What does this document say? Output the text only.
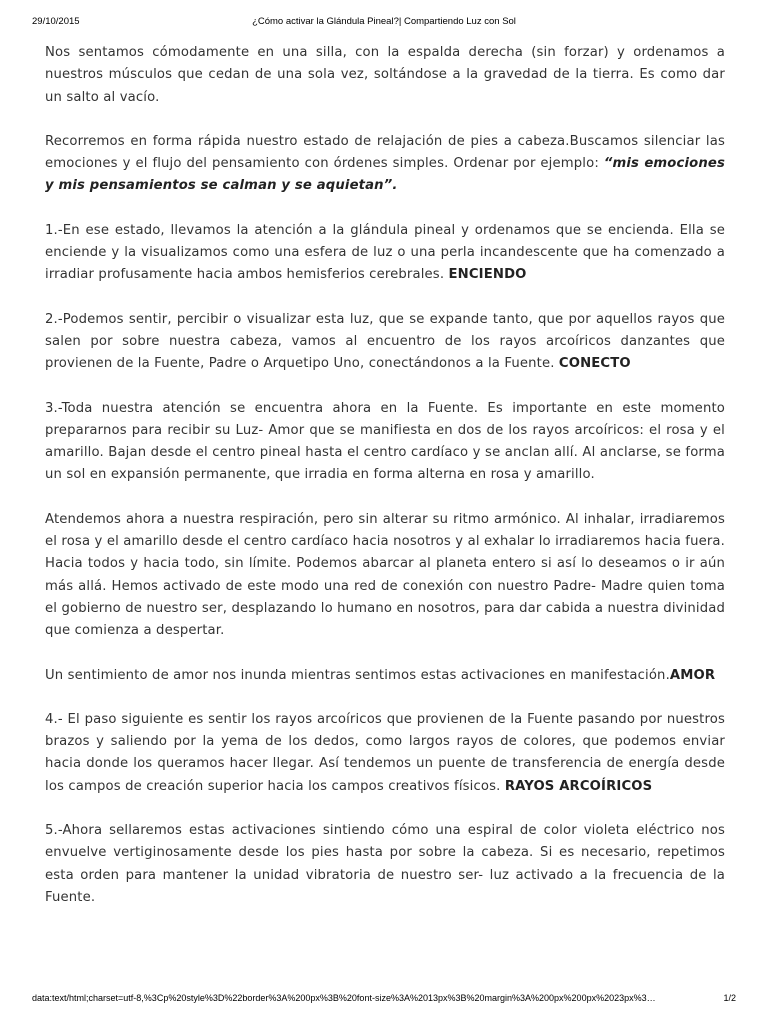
29/10/2015	¿Cómo activar la Glándula Pineal?| Compartiendo Luz con Sol

Nos sentamos cómodamente en una silla, con la espalda derecha (sin forzar) y ordenamos a nuestros músculos que cedan de una sola vez, soltándose a la gravedad de la tierra. Es como dar un salto al vacío.

Recorremos en forma rápida nuestro estado de relajación de pies a cabeza.Buscamos silenciar las emociones y el flujo del pensamiento con órdenes simples. Ordenar por ejemplo: “mis emociones y mis pensamientos se calman y se aquietan”.

1.-En ese estado, llevamos la atención a la glándula pineal y ordenamos que se encienda. Ella se enciende y la visualizamos como una esfera de luz o una perla incandescente que ha comenzado a irradiar profusamente hacia ambos hemisferios cerebrales. ENCIENDO

2.-Podemos sentir, percibir o visualizar esta luz, que se expande tanto, que por aquellos rayos que salen por sobre nuestra cabeza, vamos al encuentro de los rayos arcoíricos danzantes que provienen de la Fuente, Padre o Arquetipo Uno, conectándonos a la Fuente. CONECTO

3.-Toda nuestra atención se encuentra ahora en la Fuente. Es importante en este momento prepararnos para recibir su Luz- Amor que se manifiesta en dos de los rayos arcoíricos: el rosa y el amarillo. Bajan desde el centro pineal hasta el centro cardíaco y se anclan allí. Al anclarse, se forma un sol en expansión permanente, que irradia en forma alterna en rosa y amarillo.

Atendemos ahora a nuestra respiración, pero sin alterar su ritmo armónico. Al inhalar, irradiaremos el rosa y el amarillo desde el centro cardíaco hacia nosotros y al exhalar lo irradiaremos hacia fuera. Hacia todos y hacia todo, sin límite. Podemos abarcar al planeta entero si así lo deseamos o ir aún más allá. Hemos activado de este modo una red de conexión con nuestro Padre- Madre quien toma el gobierno de nuestro ser, desplazando lo humano en nosotros, para dar cabida a nuestra divinidad que comienza a despertar.

Un sentimiento de amor nos inunda mientras sentimos estas activaciones en manifestación.AMOR

4.- El paso siguiente es sentir los rayos arcoíricos que provienen de la Fuente pasando por nuestros brazos y saliendo por la yema de los dedos, como largos rayos de colores, que podemos enviar hacia donde los queramos hacer llegar. Así tendemos un puente de transferencia de energía desde los campos de creación superior hacia los campos creativos físicos. RAYOS ARCOÍRICOS

5.-Ahora sellaremos estas activaciones sintiendo cómo una espiral de color violeta eléctrico nos envuelve vertiginosamente desde los pies hasta por sobre la cabeza. Si es necesario, repetimos esta orden para mantener la unidad vibratoria de nuestro ser- luz activado a la frecuencia de la Fuente.

data:text/html;charset=utf-8,%3Cp%20style%3D%22border%3A%200px%3B%20font-size%3A%2013px%3B%20margin%3A%200px%200px%2023px%3…	1/2
